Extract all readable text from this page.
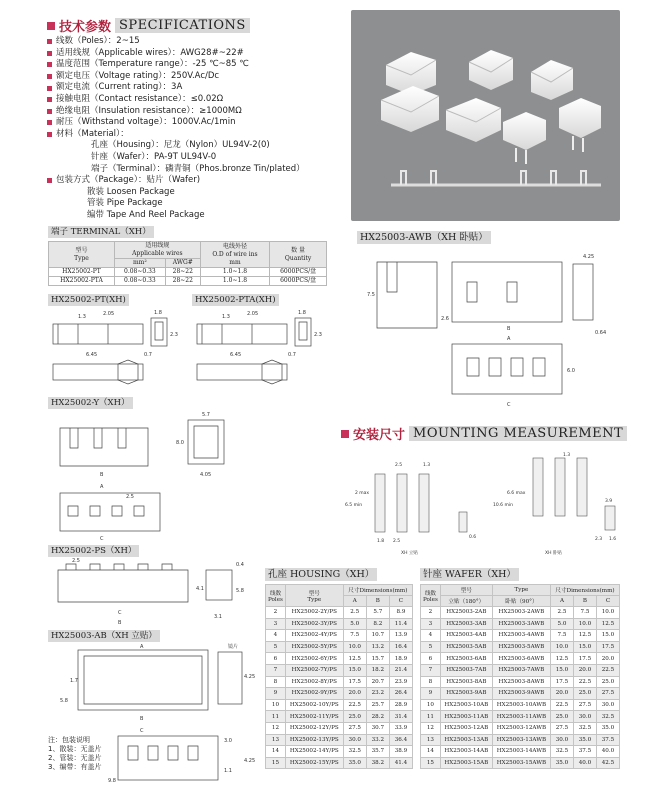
技术参数 SPECIFICATIONS
线数（Poles）：2~15
适用线规（Applicable wires）：AWG28#~22#
温度范围（Temperature range）：-25 ℃~85 ℃
额定电压（Voltage rating）：250V.Ac/Dc
额定电流（Current rating）：3A
接触电阻（Contact resistance）：≤0.02Ω
绝缘电阻（Insulation resistance）：≥1000MΩ
耐压（Withstand voltage）：1000V.Ac/1min
材料（Material）：
孔座（Housing）：尼龙（Nylon）UL94V-2(0)
针座（Wafer）：PA-9T UL94V-0
端子（Terminal）：磷青铜（Phos.bronze Tin/plated）
包装方式（Package）：贴片（Wafer)
散装 Loosen Package
管装 Pipe Package
编带 Tape And Reel Package
端子 TERMINAL（XH）
型号
Type	适用线规
Applicable wires		电线外径
O.D of wire ins
mm	数 量
Quantity
	mm²	AWG#		
HX25002-PT	0.08~0.33	28~22	1.0~1.8	6000PCS/盘
HX25002-PTA	0.08~0.33	28~22	1.0~1.8	6000PCS/盘
HX25002-PT(XH)	HX25002-PTA(XH)
1.3	2.05	1.8
6.45	0.7
2.3
1.3	2.05	1.8
6.45	0.7
2.3
HX25002-Y（XH）
5.7
8.0
4.05
B
A
C
2.5
HX25002-PS（XH）
2.5
4.1
3.1
0.4
5.8
C
B
HX25003-AB（XH 立贴）
A
B
C
4.25
1.7
4.25
1.1
5.8
3.0
9.8
镜片
注：包装说明
1、散装：无盖片
2、管装：无盖片
3、编带：有盖片
HX25003-AWB（XH 卧贴）
4.25
7.5
2.6
B
A
C
6.0
0.64
安装尺寸 MOUNTING MEASUREMENT
2.5	1.3
1.8 2.5
0.6
6.5 min
2 max
1.3
2.3 1.6
3.9
10.6 min
6.6 max
XH 立贴	XH 卧贴
孔座 HOUSING（XH）
线数
Poles	型号
Type	尺寸Dimensions(mm)		
		A	B	C
2	HX25002-2Y/PS	2.5	5.7	8.9
3	HX25002-3Y/PS	5.0	8.2	11.4
4	HX25002-4Y/PS	7.5	10.7	13.9
5	HX25002-5Y/PS	10.0	13.2	16.4
6	HX25002-6Y/PS	12.5	15.7	18.9
7	HX25002-7Y/PS	15.0	18.2	21.4
8	HX25002-8Y/PS	17.5	20.7	23.9
9	HX25002-9Y/PS	20.0	23.2	26.4
10	HX25002-10Y/PS	22.5	25.7	28.9
11	HX25002-11Y/PS	25.0	28.2	31.4
12	HX25002-12Y/PS	27.5	30.7	33.9
13	HX25002-13Y/PS	30.0	33.2	36.4
14	HX25002-14Y/PS	32.5	35.7	38.9
15	HX25002-15Y/PS	35.0	38.2	41.4
针座 WAFER（XH）
线数
Poles	型号	Type	尺寸Dimensions(mm)		
	立贴（180°）	卧贴（90°）	A	B	C
2	HX25003-2AB	HX25003-2AWB	2.5	7.5	10.0
3	HX25003-3AB	HX25003-3AWB	5.0	10.0	12.5
4	HX25003-4AB	HX25003-4AWB	7.5	12.5	15.0
5	HX25003-5AB	HX25003-5AWB	10.0	15.0	17.5
6	HX25003-6AB	HX25003-6AWB	12.5	17.5	20.0
7	HX25003-7AB	HX25003-7AWB	15.0	20.0	22.5
8	HX25003-8AB	HX25003-8AWB	17.5	22.5	25.0
9	HX25003-9AB	HX25003-9AWB	20.0	25.0	27.5
10	HX25003-10AB	HX25003-10AWB	22.5	27.5	30.0
11	HX25003-11AB	HX25003-11AWB	25.0	30.0	32.5
12	HX25003-12AB	HX25003-12AWB	27.5	32.5	35.0
13	HX25003-13AB	HX25003-13AWB	30.0	35.0	37.5
14	HX25003-14AB	HX25003-14AWB	32.5	37.5	40.0
15	HX25003-15AB	HX25003-15AWB	35.0	40.0	42.5
